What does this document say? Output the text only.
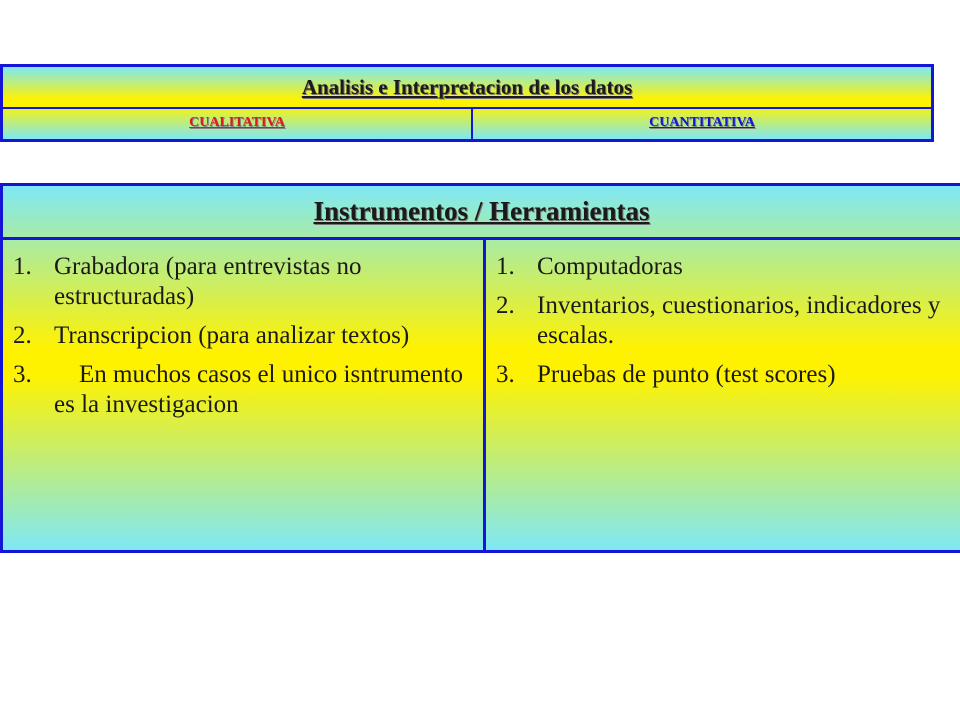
Analisis e Interpretacion de los datos
CUALITATIVA	CUANTITATIVA
Instrumentos / Herramientas
1. Grabadora (para entrevistas no estructuradas)
2. Transcripcion (para analizar textos)
3. En muchos casos el unico isntrumento es la investigacion
1. Computadoras
2. Inventarios, cuestionarios, indicadores y escalas.
3. Pruebas de punto (test scores)
